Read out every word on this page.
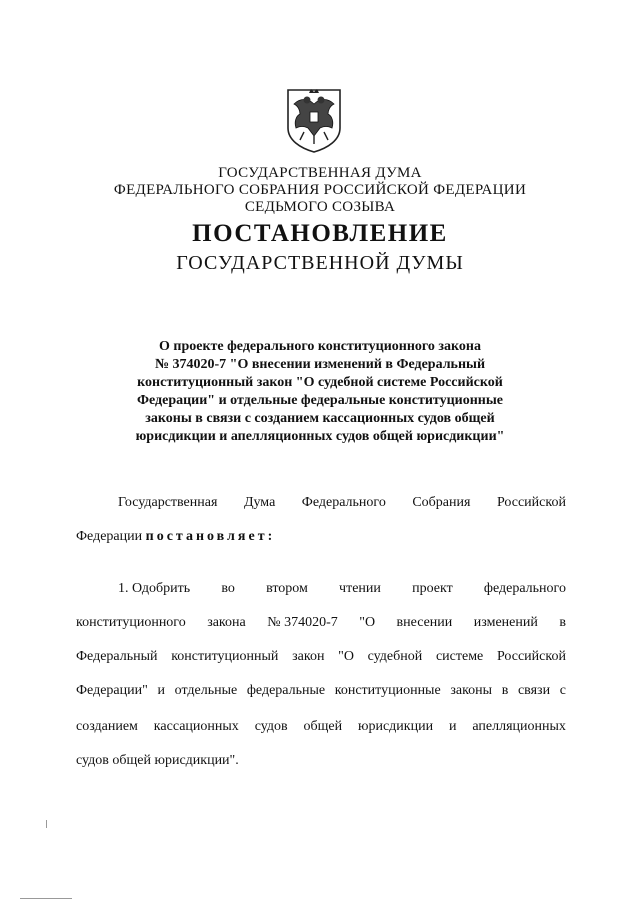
ГОСУДАРСТВЕННАЯ ДУМА
ФЕДЕРАЛЬНОГО СОБРАНИЯ РОССИЙСКОЙ ФЕДЕРАЦИИ
СЕДЬМОГО СОЗЫВА
ПОСТАНОВЛЕНИЕ
ГОСУДАРСТВЕННОЙ ДУМЫ
О проекте федерального конституционного закона
№ 374020-7 "О внесении изменений в Федеральный
конституционный закон "О судебной системе Российской
Федерации" и отдельные федеральные конституционные
законы в связи с созданием кассационных судов общей
юрисдикции и апелляционных судов общей юрисдикции"
Государственная Дума Федерального Собрания Российской
Федерации постановляет:
1. Одобрить во втором чтении проект федерального
конституционного закона № 374020-7 "О внесении изменений в
Федеральный конституционный закон "О судебной системе Российской
Федерации" и отдельные федеральные конституционные законы в связи с
созданием кассационных судов общей юрисдикции и апелляционных
судов общей юрисдикции".
